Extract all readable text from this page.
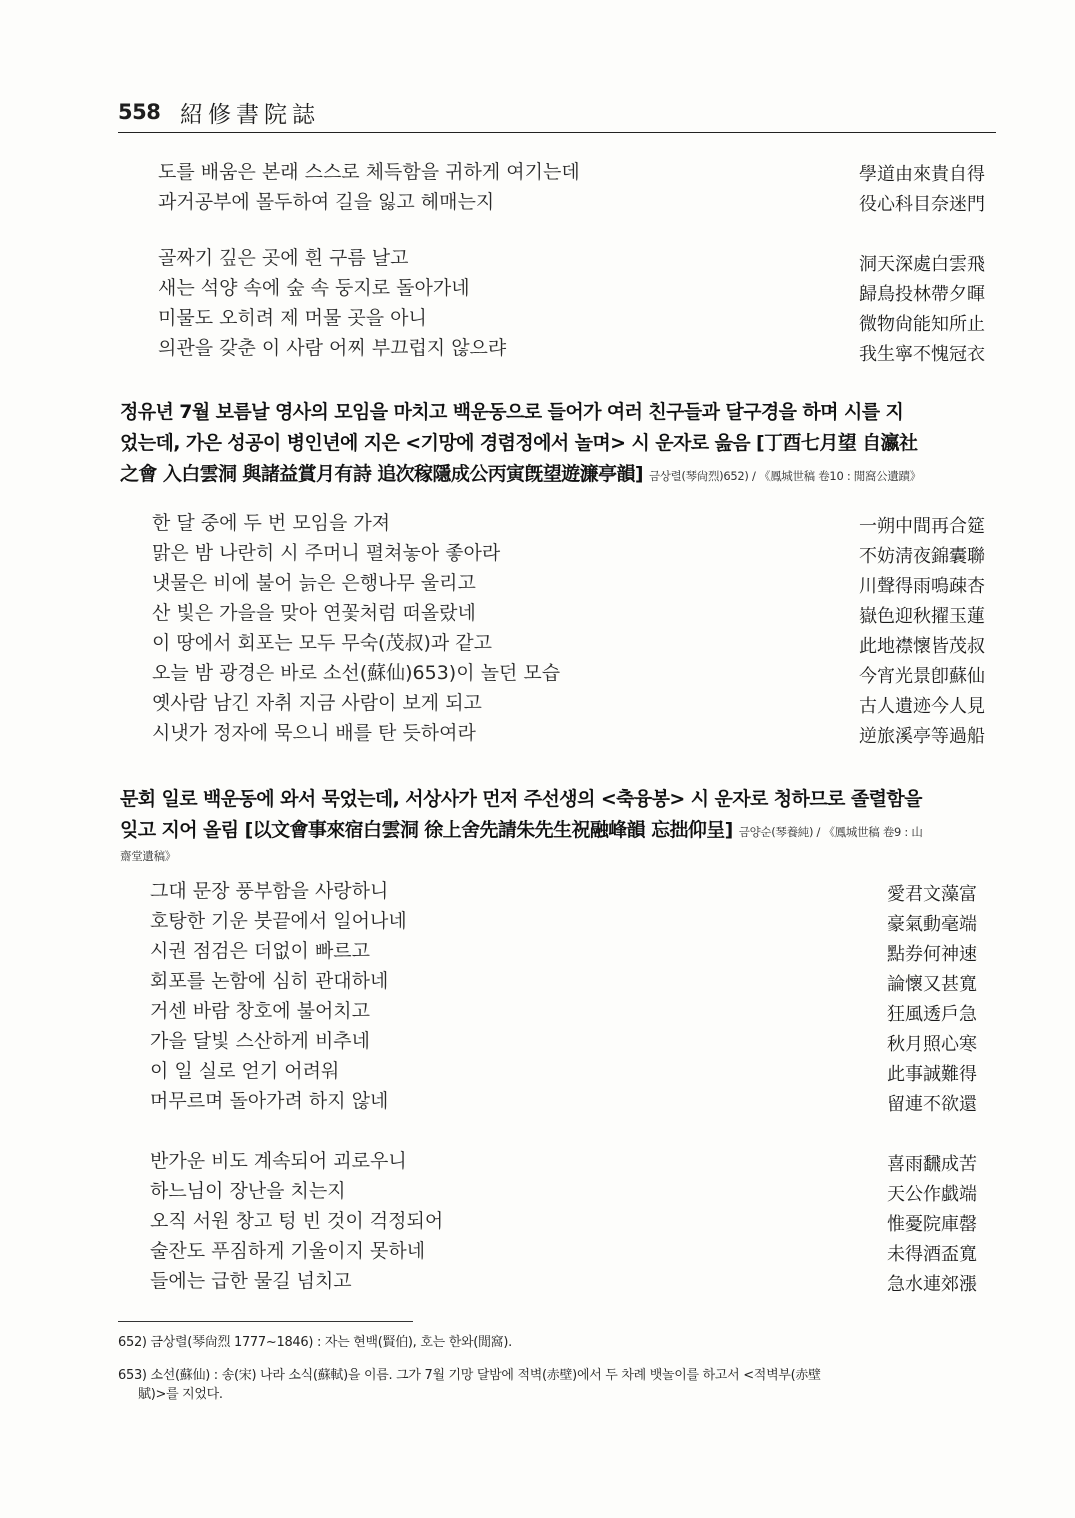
558 紹修書院誌
도를 배움은 본래 스스로 체득함을 귀하게 여기는데
과거공부에 몰두하여 길을 잃고 헤매는지
學道由來貴自得
役心科目奈迷門
골짜기 깊은 곳에 흰 구름 날고
새는 석양 속에 숲 속 둥지로 돌아가네
미물도 오히려 제 머물 곳을 아니
의관을 갖춘 이 사람 어찌 부끄럽지 않으랴
洞天深處白雲飛
歸鳥投林帶夕暉
微物尙能知所止
我生寧不愧冠衣
정유년 7월 보름날 영사의 모임을 마치고 백운동으로 들어가 여러 친구들과 달구경을 하며 시를 지
었는데, 가은 성공이 병인년에 지은 <기망에 경렴정에서 놀며> 시 운자로 읊음 [丁酉七月望 自瀛社
之會 入白雲洞 與諸益賞月有詩 追次稼隱成公丙寅旣望遊濂亭韻] 금상렬(琴尙烈)652) / 《鳳城世稿 卷10 : 閒窩公遺蹟》
한 달 중에 두 번 모임을 가져
맑은 밤 나란히 시 주머니 펼쳐놓아 좋아라
냇물은 비에 불어 늙은 은행나무 울리고
산 빛은 가을을 맞아 연꽃처럼 떠올랐네
이 땅에서 회포는 모두 무숙(茂叔)과 같고
오늘 밤 광경은 바로 소선(蘇仙)653)이 놀던 모습
옛사람 남긴 자취 지금 사람이 보게 되고
시냇가 정자에 묵으니 배를 탄 듯하여라
一朔中間再合筵
不妨淸夜錦囊聯
川聲得雨鳴疎杏
嶽色迎秋擢玉蓮
此地襟懷皆茂叔
今宵光景卽蘇仙
古人遺迹今人見
逆旅溪亭等過船
문회 일로 백운동에 와서 묵었는데, 서상사가 먼저 주선생의 <축융봉> 시 운자로 청하므로 졸렬함을
잊고 지어 올림 [以文會事來宿白雲洞 徐上舍先請朱先生祝融峰韻 忘拙仰呈] 금양순(琴養純) / 《鳳城世稿 卷9 : 山
齋堂遺稿》
그대 문장 풍부함을 사랑하니
호탕한 기운 붓끝에서 일어나네
시권 점검은 더없이 빠르고
회포를 논함에 심히 관대하네
거센 바람 창호에 불어치고
가을 달빛 스산하게 비추네
이 일 실로 얻기 어려워
머무르며 돌아가려 하지 않네
愛君文藻富
豪氣動毫端
點券何神速
論懷又甚寬
狂風透戶急
秋月照心寒
此事誠難得
留連不欲還
반가운 비도 계속되어 괴로우니
하느님이 장난을 치는지
오직 서원 창고 텅 빈 것이 걱정되어
술잔도 푸짐하게 기울이지 못하네
들에는 급한 물길 넘치고
喜雨飜成苦
天公作戱端
惟憂院庫罄
未得酒盃寬
急水連郊漲
652) 금상렬(琴尙烈 1777~1846) : 자는 현백(賢伯), 호는 한와(閒窩).
653) 소선(蘇仙) : 송(宋) 나라 소식(蘇軾)을 이름. 그가 7월 기망 달밤에 적벽(赤壁)에서 두 차례 뱃놀이를 하고서 <적벽부(赤壁
賦)>를 지었다.
